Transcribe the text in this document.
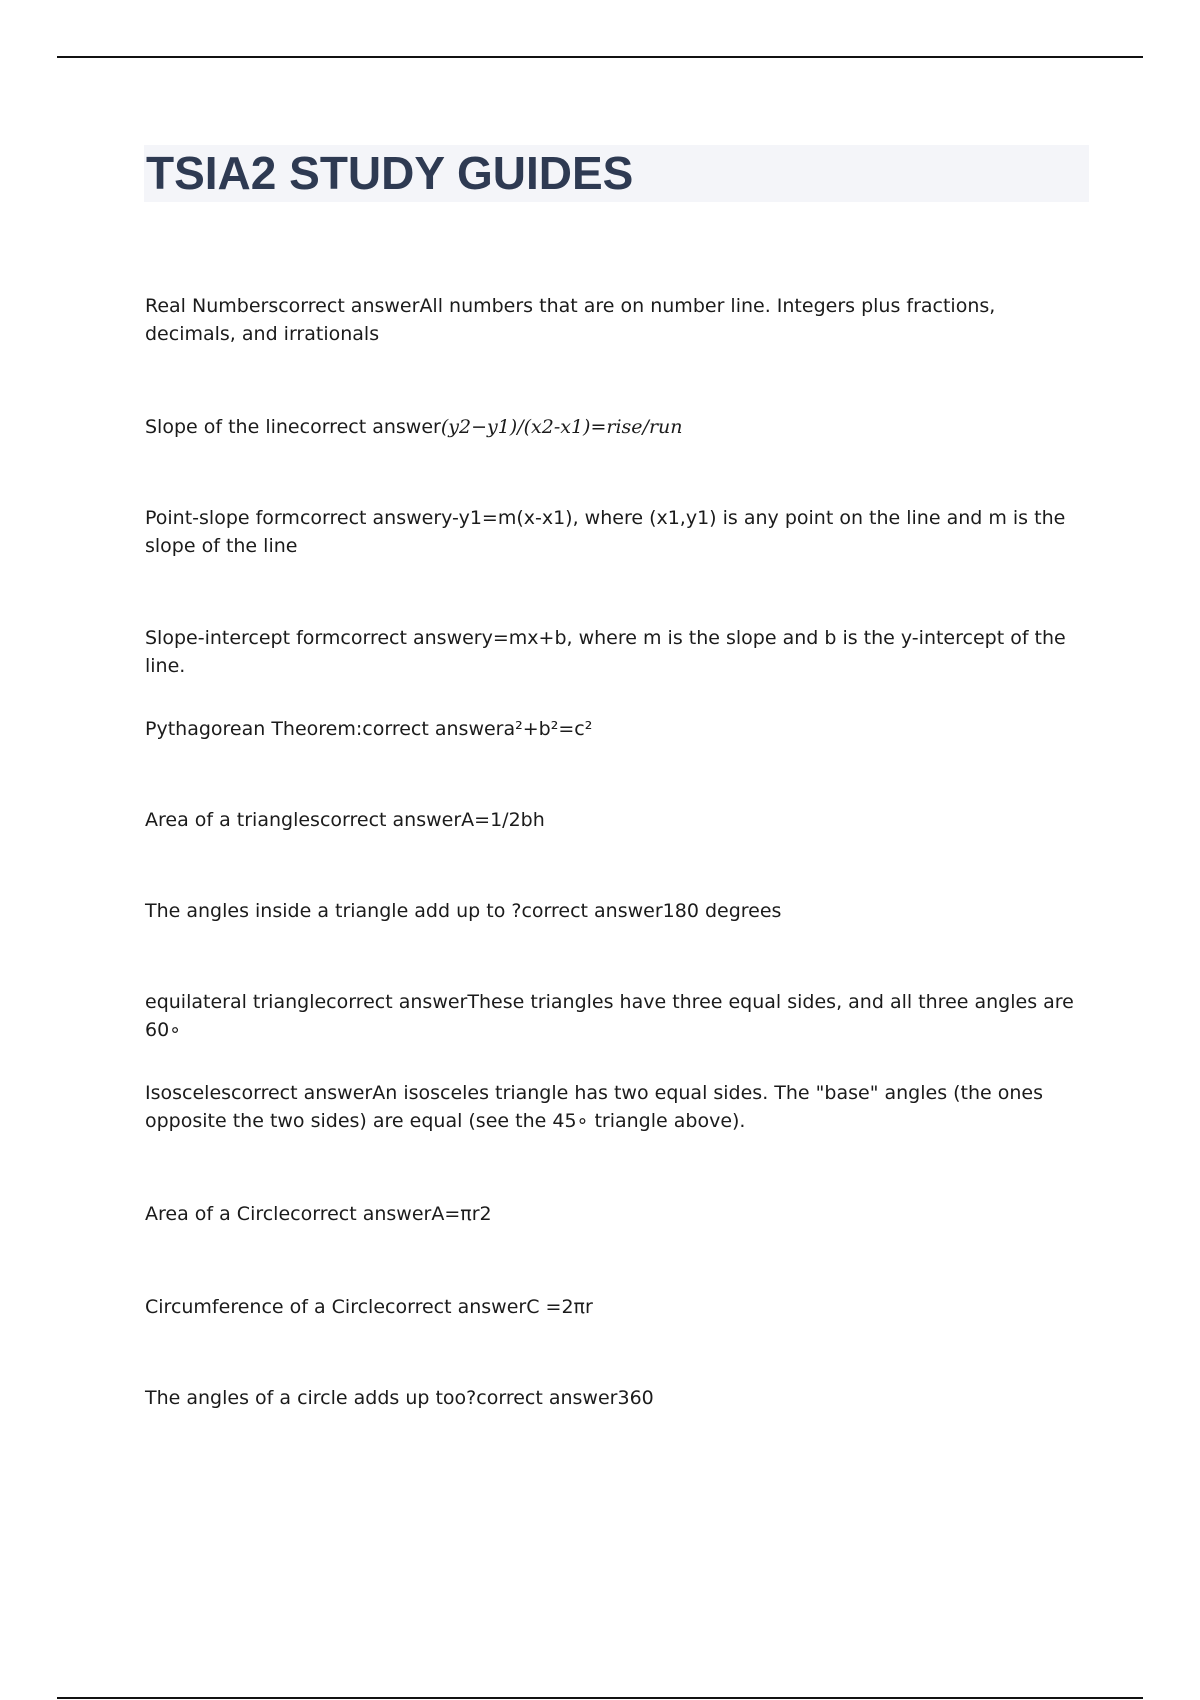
TSIA2 STUDY GUIDES

Real Numberscorrect answerAll numbers that are on number line. Integers plus fractions, decimals, and irrationals

Slope of the linecorrect answer(y2−y1)/(x2-x1)=rise/run

Point-slope formcorrect answery-y1=m(x-x1), where (x1,y1) is any point on the line and m is the slope of the line

Slope-intercept formcorrect answery=mx+b, where m is the slope and b is the y-intercept of the line.

Pythagorean Theorem:correct answera²+b²=c²

Area of a trianglescorrect answerA=1/2bh

The angles inside a triangle add up to ?correct answer180 degrees

equilateral trianglecorrect answerThese triangles have three equal sides, and all three angles are 60∘

Isoscelescorrect answerAn isosceles triangle has two equal sides. The "base" angles (the ones opposite the two sides) are equal (see the 45∘ triangle above).

Area of a Circlecorrect answerA=πr2

Circumference of a Circlecorrect answerC =2πr

The angles of a circle adds up too?correct answer360
